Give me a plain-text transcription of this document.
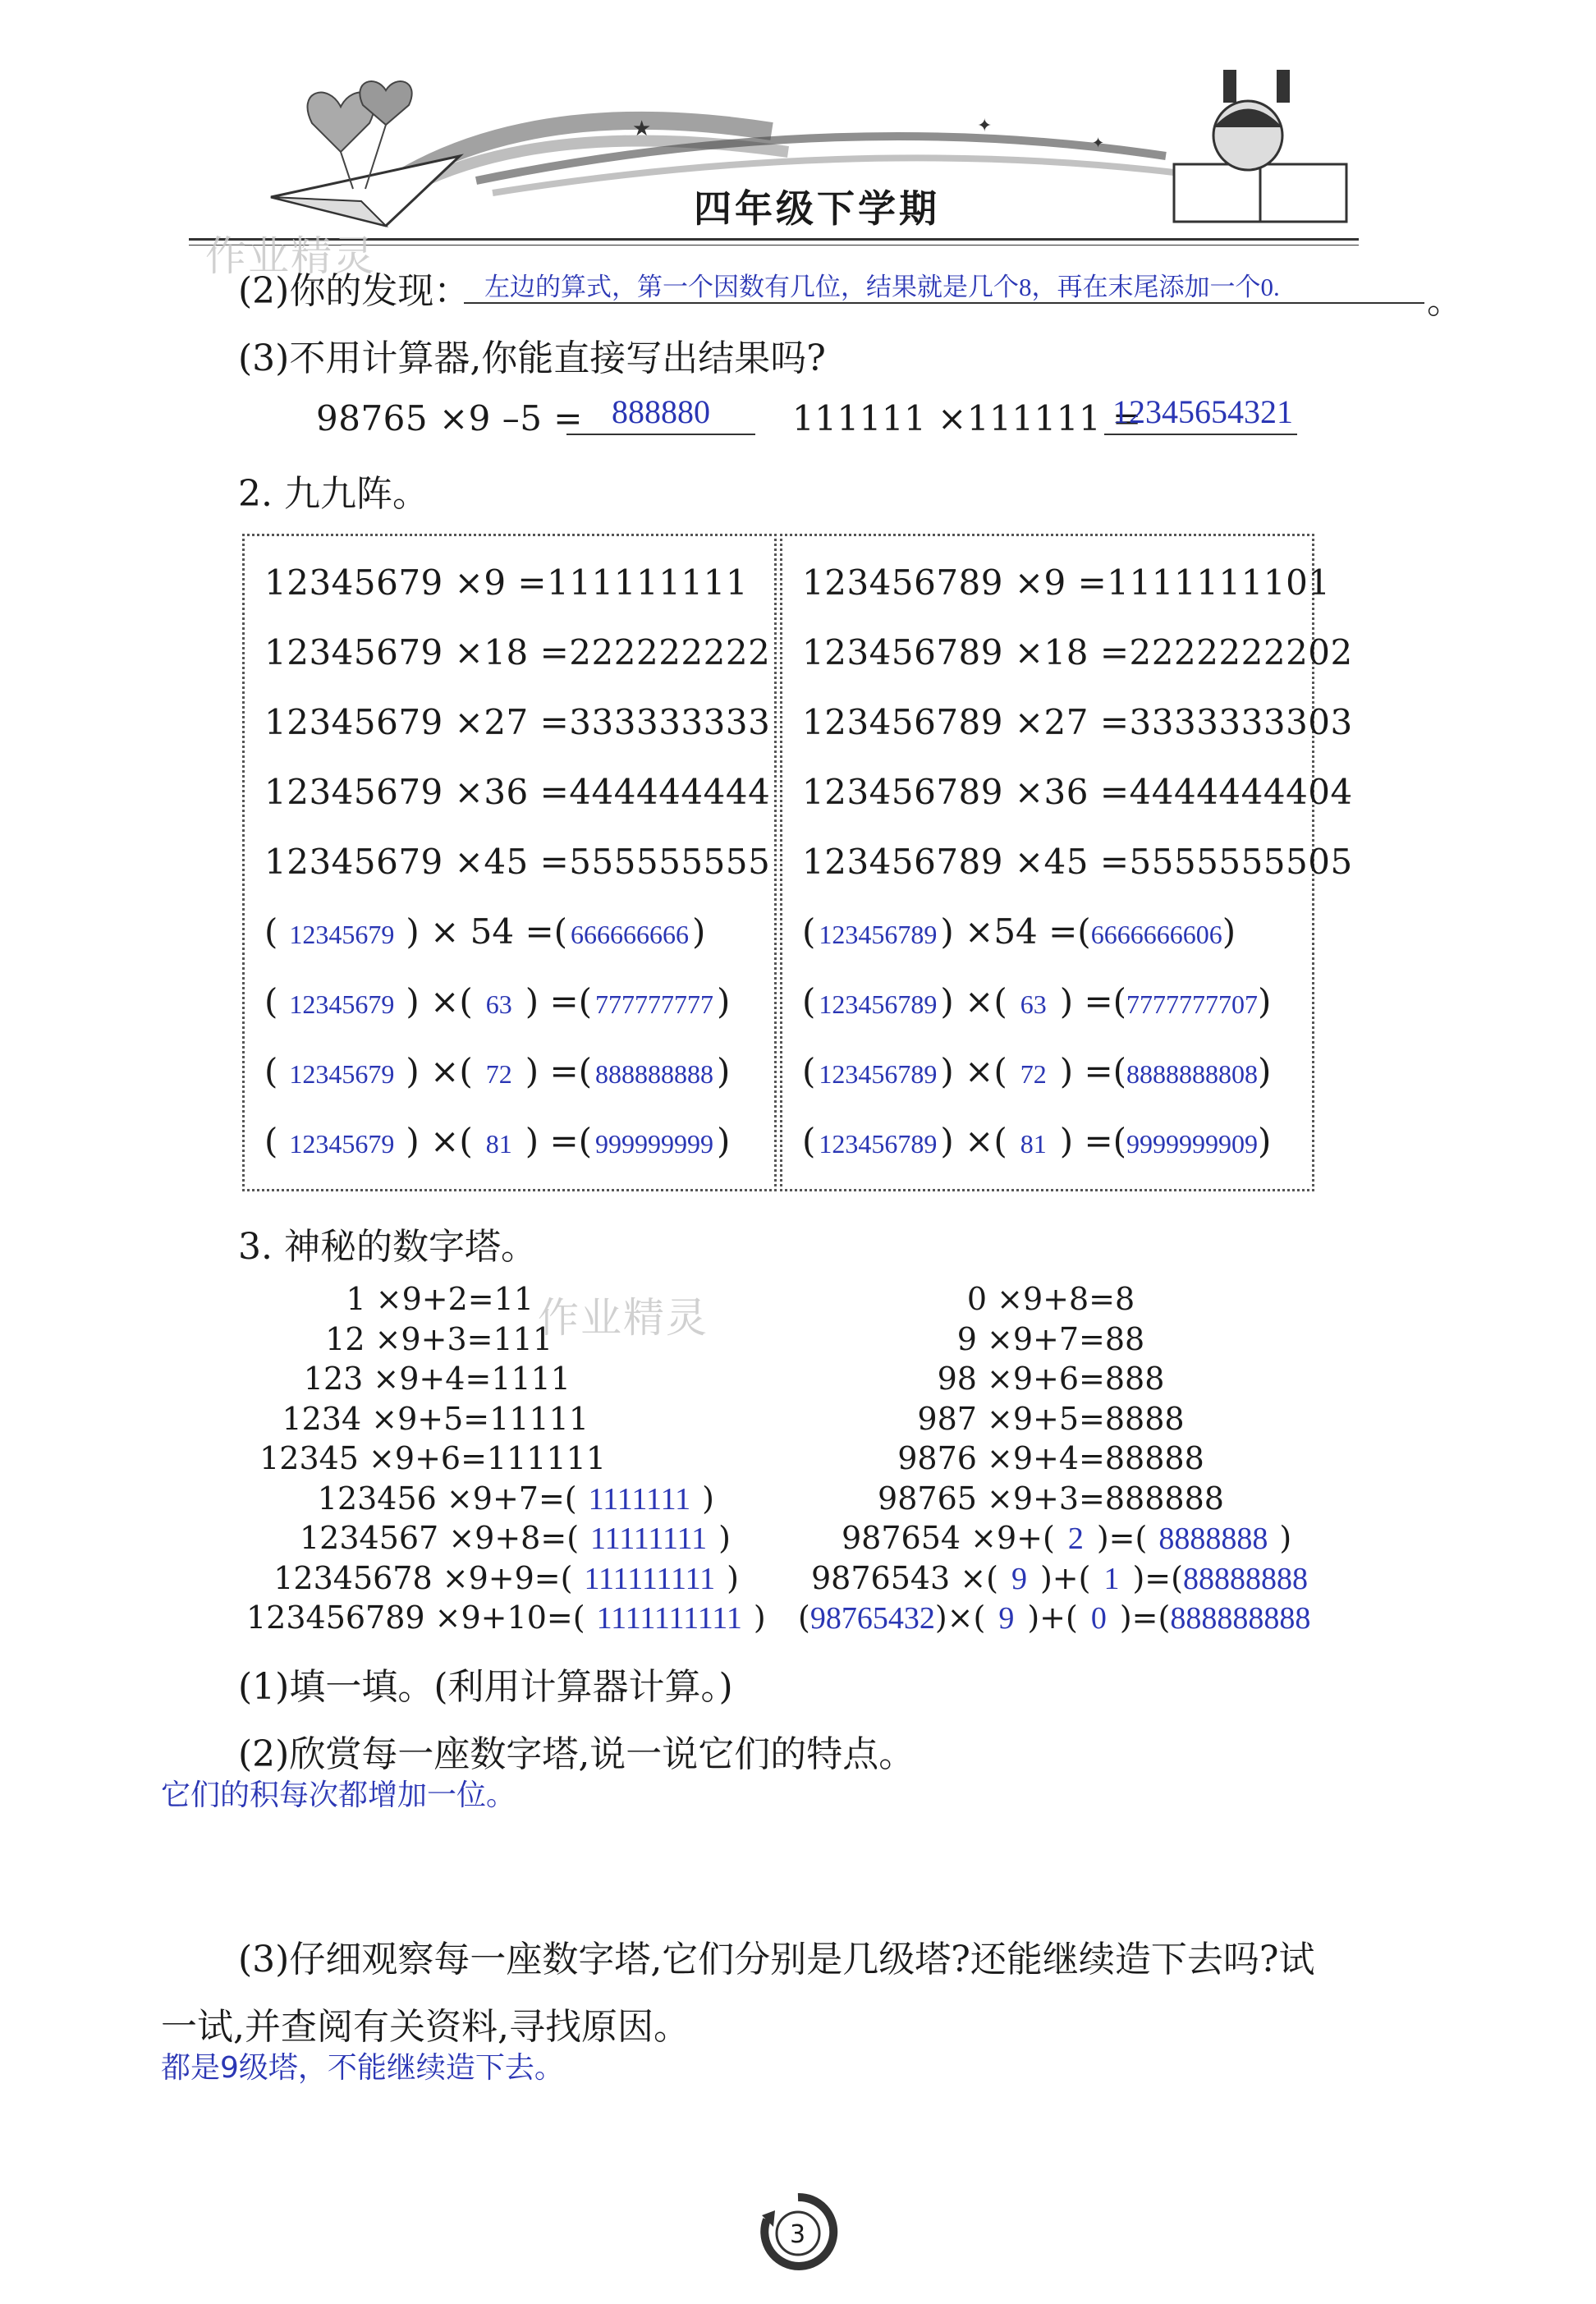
★	✦
✦
四年级下学期
作业精灵
作业精灵
(2)你的发现： 左边的算式，第一个因数有几位，结果就是几个8，再在末尾添加一个0.	。
(3)不用计算器,你能直接写出结果吗?
98765 ×9 –5 = 888880 111111 ×111111 =
12345654321
2. 九九阵。
12345679 ×9 =111111111
12345679 ×18 =222222222
12345679 ×27 =333333333
12345679 ×36 =444444444
12345679 ×45 =555555555
123456789 ×9 =1111111101
123456789 ×18 =2222222202
123456789 ×27 =3333333303
123456789 ×36 =4444444404
123456789 ×45 =5555555505
( 12345679 ) × 54 =( 666666666)
( 12345679 ) ×( 63 ) =( 777777777)
( 12345679 ) ×( 72 ) =( 888888888)
( 12345679 ) ×( 81 ) =( 999999999)
( 123456789) ×54 =(6666666606)
( 123456789) ×( 63 ) =(7777777707)
( 123456789) ×( 72 ) =(8888888808)
( 123456789) ×( 81 ) =(9999999909)
3. 神秘的数字塔。
1 ×9+2=11
12 ×9+3=111
123 ×9+4=1111
1234 ×9+5=11111
12345 ×9+6=111111
123456 ×9+7=( 1111111 )
1234567 ×9+8=( 11111111 )
12345678 ×9+9=( 111111111 )
123456789 ×9+10=( 1111111111 )
0 ×9+8=8
9 ×9+7=88
98 ×9+6=888
987 ×9+5=8888
9876 ×9+4=88888
98765 ×9+3=888888
987654 ×9+( 2 )=( 8888888 )
9876543 ×( 9 )+( 1 )=(88888888
(98765432)×( 9 )+( 0 )=(888888888
(1)填一填。(利用计算器计算。)
(2)欣赏每一座数字塔,说一说它们的特点。
它们的积每次都增加一位。
(3)仔细观察每一座数字塔,它们分别是几级塔?还能继续造下去吗?试
一试,并查阅有关资料,寻找原因。
都是9级塔，不能继续造下去。
3
